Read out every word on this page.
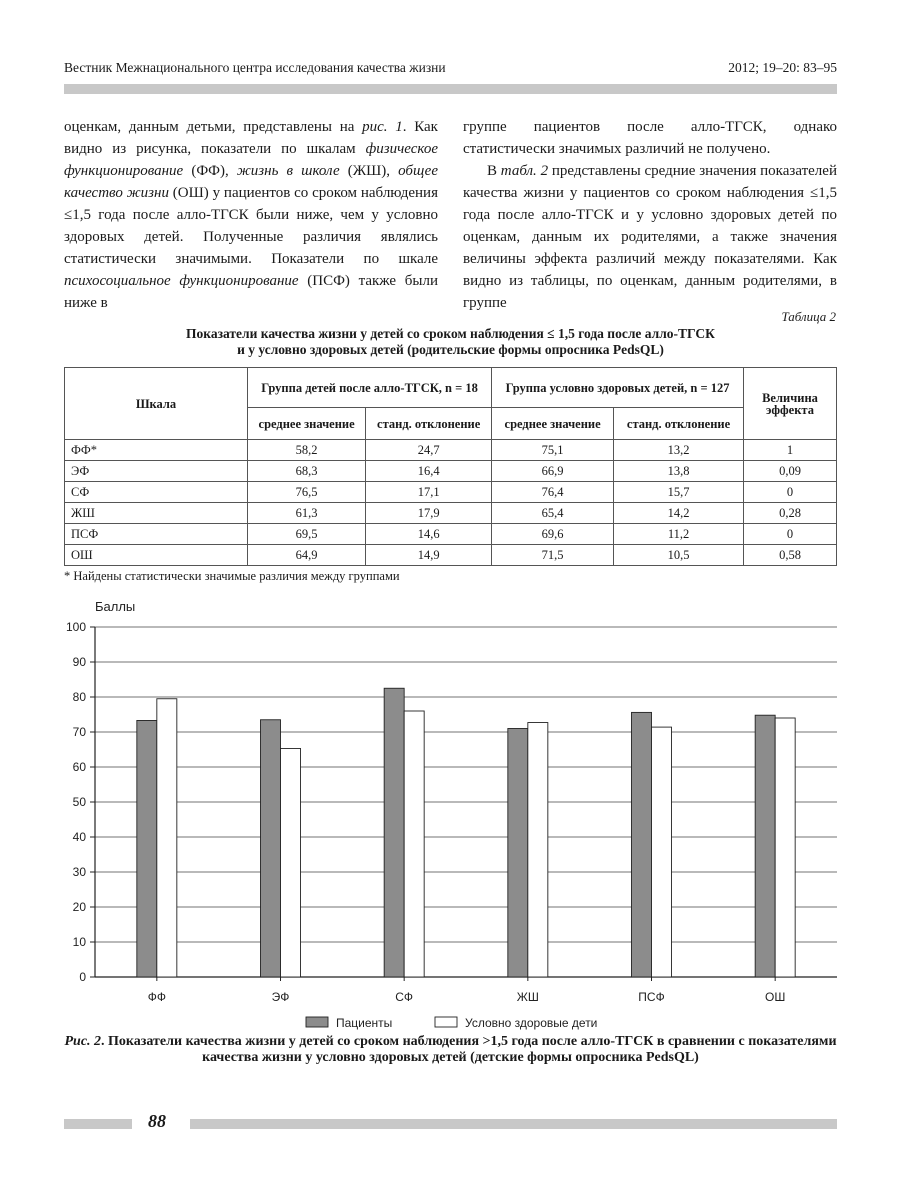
Вестник Межнационального центра исследования качества жизни	2012; 19–20: 83–95

оценкам, данным детьми, представлены на рис. 1. Как видно из рисунка, показатели по шкалам физическое функционирование (ФФ), жизнь в школе (ЖШ), общее качество жизни (ОШ) у пациентов со сроком наблюдения ≤1,5 года после алло-ТГСК были ниже, чем у условно здоровых детей. Полученные различия являлись статистически значимыми. Показатели по шкале психосоциальное функционирование (ПСФ) также были ниже в

группе пациентов после алло-ТГСК, однако статистически значимых различий не получено.

В табл. 2 представлены средние значения показателей качества жизни у пациентов со сроком наблюдения ≤1,5 года после алло-ТГСК и у условно здоровых детей по оценкам, данным их родителями, а также значения величины эффекта различий между показателями. Как видно из таблицы, по оценкам, данным родителями, в группе

Таблица 2
Показатели качества жизни у детей со сроком наблюдения ≤ 1,5 года после алло-ТГСК
и у условно здоровых детей (родительские формы опросника PedsQL)
Шкала	Группа детей после алло-ТГСК, n = 18		Группа условно здоровых детей, n = 127		Величина эффекта
	среднее значение	станд. отклонение	среднее значение	станд. отклонение	
ФФ*	58,2	24,7	75,1	13,2	1
ЭФ	68,3	16,4	66,9	13,8	0,09
СФ	76,5	17,1	76,4	15,7	0
ЖШ	61,3	17,9	65,4	14,2	0,28
ПСФ	69,5	14,6	69,6	11,2	0
ОШ	64,9	14,9	71,5	10,5	0,58
* Найдены статистически значимые различия между группами
Баллы
0
10
20
30
40
50
60
70
80
90
100
ФФ	ЭФ	СФ	ЖШ	ПСФ	ОШ
Пациенты	Условно здоровые дети
Рис. 2. Показатели качества жизни у детей со сроком наблюдения >1,5 года после алло-ТГСК в сравнении с показателями качества жизни у условно здоровых детей (детские формы опросника PedsQL)
88
